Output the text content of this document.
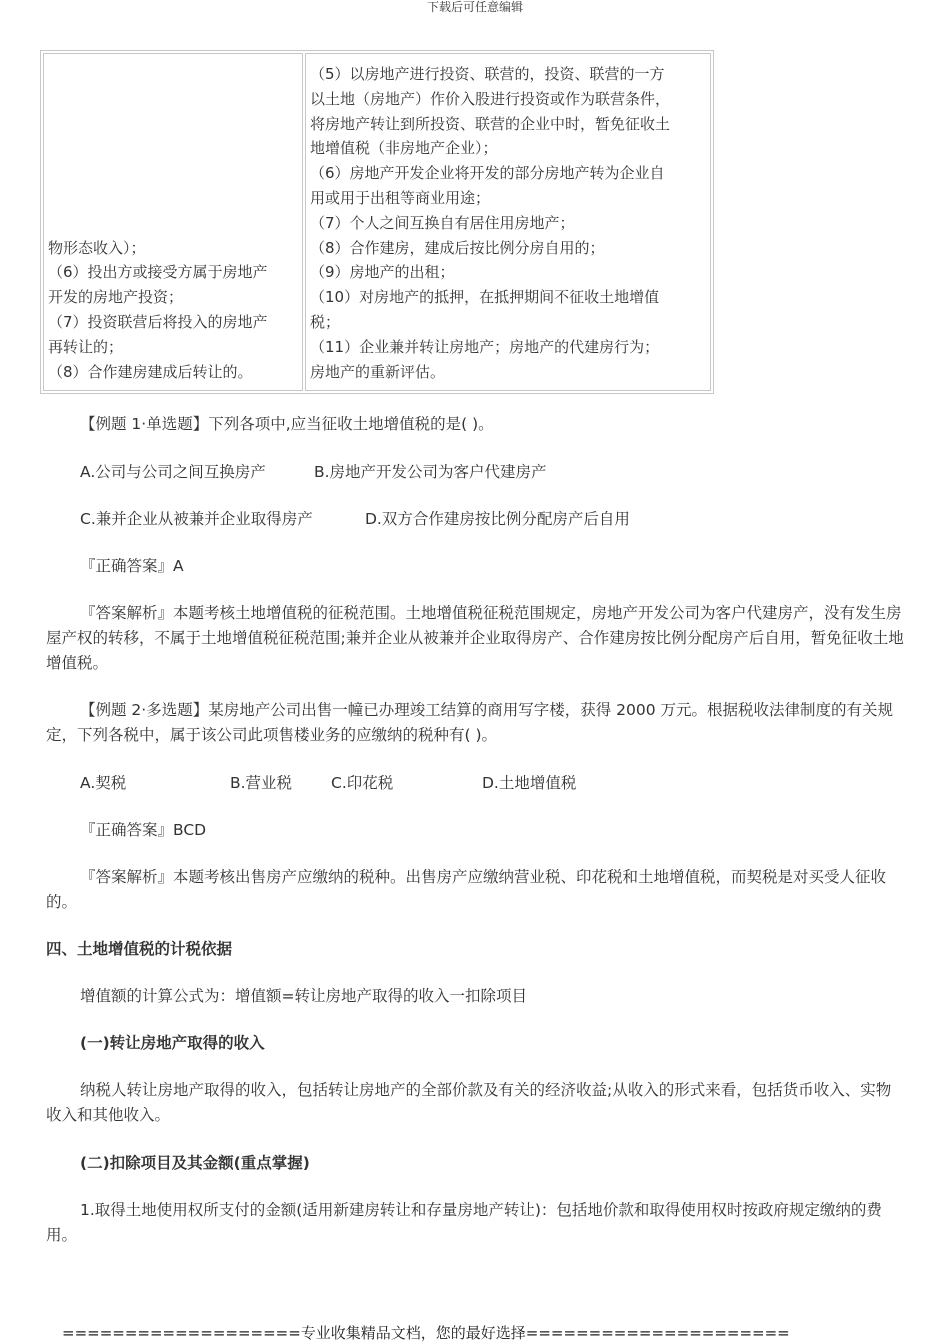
下载后可任意编辑
物形态收入）；
（6）投出方或接受方属于房地产
开发的房地产投资；
（7）投资联营后将投入的房地产
再转让的；
（8）合作建房建成后转让的。

（5）以房地产进行投资、联营的，投资、联营的一方
以土地（房地产）作价入股进行投资或作为联营条件，
将房地产转让到所投资、联营的企业中时，暂免征收土
地增值税（非房地产企业）；
（6）房地产开发企业将开发的部分房地产转为企业自
用或用于出租等商业用途；
（7）个人之间互换自有居住用房地产；
（8）合作建房，建成后按比例分房自用的；
（9）房地产的出租；
（10）对房地产的抵押，在抵押期间不征收土地增值
税；
（11）企业兼并转让房地产；房地产的代建房行为；
房地产的重新评估。
【例题 1·单选题】下列各项中,应当征收土地增值税的是( )。
A.公司与公司之间互换房产	B.房地产开发公司为客户代建房产
C.兼并企业从被兼并企业取得房产	D.双方合作建房按比例分配房产后自用
『正确答案』A
『答案解析』本题考核土地增值税的征税范围。土地增值税征税范围规定，房地产开发公司为客户代建房产，没有发生房屋产权的转移，不属于土地增值税征税范围;兼并企业从被兼并企业取得房产、合作建房按比例分配房产后自用，暂免征收土地增值税。
【例题 2·多选题】某房地产公司出售一幢已办理竣工结算的商用写字楼，获得 2000 万元。根据税收法律制度的有关规定，下列各税中，属于该公司此项售楼业务的应缴纳的税种有( )。
A.契税	B.营业税	C.印花税	D.土地增值税
『正确答案』BCD
『答案解析』本题考核出售房产应缴纳的税种。出售房产应缴纳营业税、印花税和土地增值税，而契税是对买受人征收的。
四、土地增值税的计税依据
增值额的计算公式为：增值额=转让房地产取得的收入一扣除项目
(一)转让房地产取得的收入
纳税人转让房地产取得的收入，包括转让房地产的全部价款及有关的经济收益;从收入的形式来看，包括货币收入、实物收入和其他收入。
(二)扣除项目及其金额(重点掌握)
1.取得土地使用权所支付的金额(适用新建房转让和存量房地产转让)：包括地价款和取得使用权时按政府规定缴纳的费用。
===================专业收集精品文档，您的最好选择=====================
